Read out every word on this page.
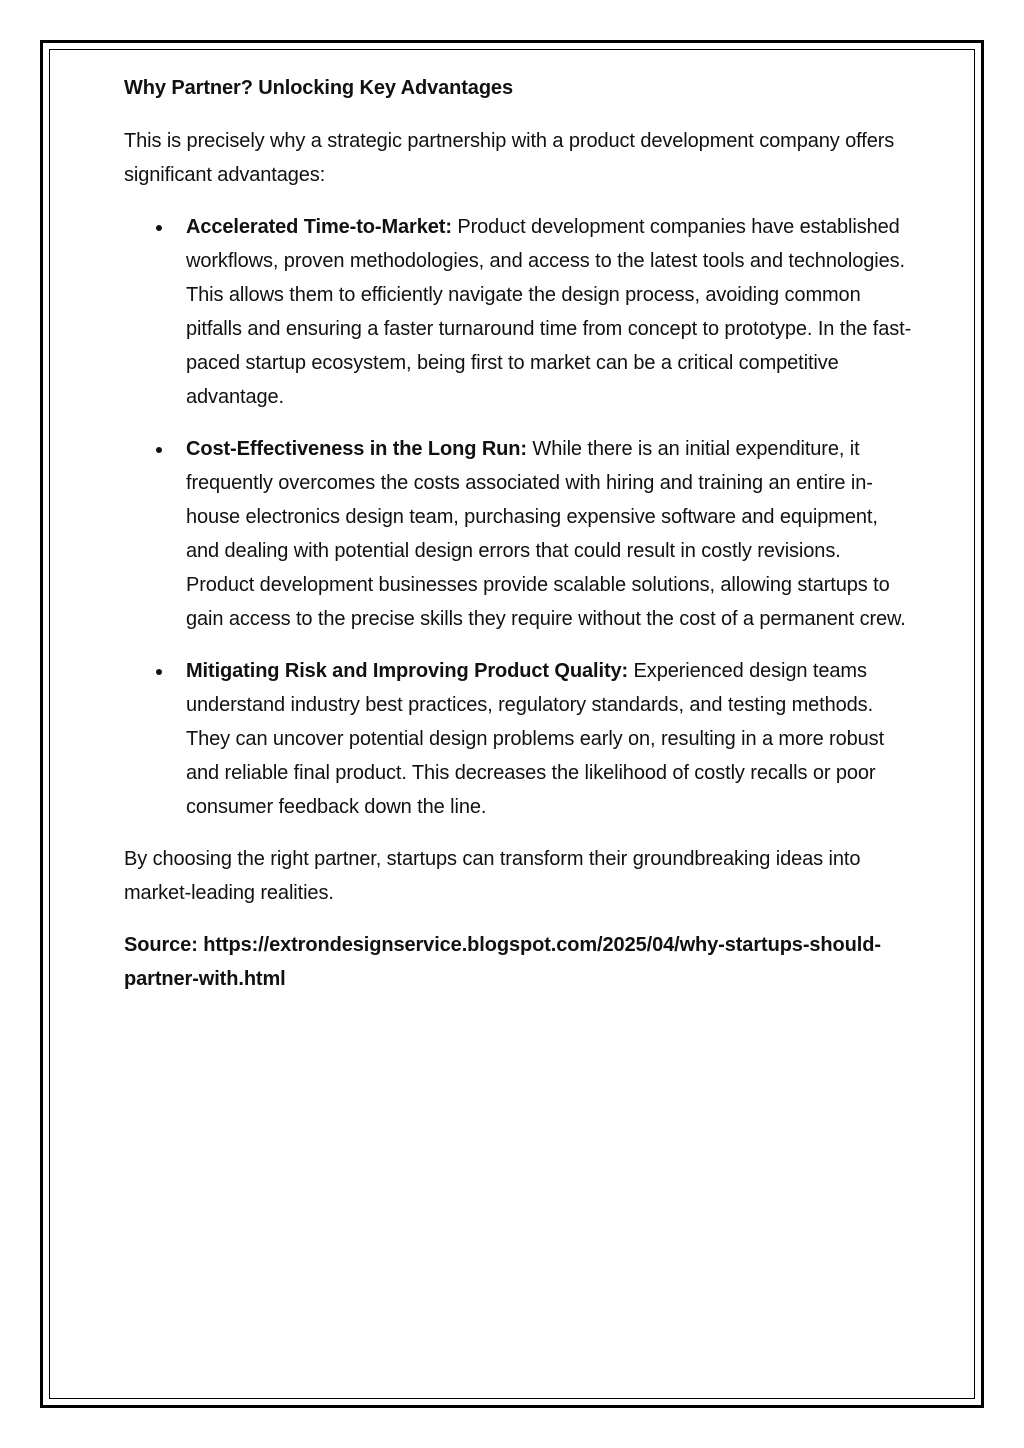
Why Partner? Unlocking Key Advantages

This is precisely why a strategic partnership with a product development company offers significant advantages:

Accelerated Time-to-Market: Product development companies have established workflows, proven methodologies, and access to the latest tools and technologies. This allows them to efficiently navigate the design process, avoiding common pitfalls and ensuring a faster turnaround time from concept to prototype. In the fast-paced startup ecosystem, being first to market can be a critical competitive advantage.
Cost-Effectiveness in the Long Run: While there is an initial expenditure, it frequently overcomes the costs associated with hiring and training an entire in-house electronics design team, purchasing expensive software and equipment, and dealing with potential design errors that could result in costly revisions. Product development businesses provide scalable solutions, allowing startups to gain access to the precise skills they require without the cost of a permanent crew.
Mitigating Risk and Improving Product Quality: Experienced design teams understand industry best practices, regulatory standards, and testing methods. They can uncover potential design problems early on, resulting in a more robust and reliable final product. This decreases the likelihood of costly recalls or poor consumer feedback down the line.

By choosing the right partner, startups can transform their groundbreaking ideas into market-leading realities.

Source: https://extrondesignservice.blogspot.com/2025/04/why-startups-should-partner-with.html
